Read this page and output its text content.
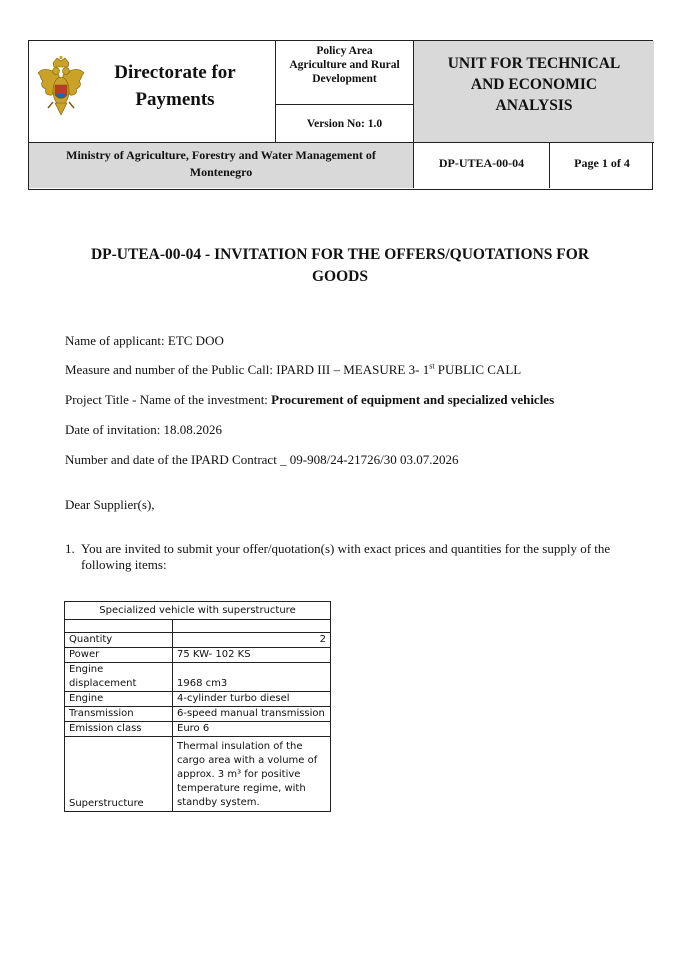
Directorate for
Payments
Policy Area
Agriculture and Rural
Development
Version No: 1.0
UNIT FOR TECHNICAL
AND ECONOMIC
ANALYSIS
Ministry of Agriculture, Forestry and Water Management of
Montenegro
DP-UTEA-00-04	Page 1 of 4
DP-UTEA-00-04 - INVITATION FOR THE OFFERS/QUOTATIONS FOR
GOODS
Name of applicant: ETC DOO
Measure and number of the Public Call: IPARD III – MEASURE 3- 1st PUBLIC CALL
Project Title - Name of the investment: Procurement of equipment and specialized vehicles
Date of invitation: 18.08.2026
Number and date of the IPARD Contract _ 09-908/24-21726/30 03.07.2026
Dear Supplier(s),
1. You are invited to submit your offer/quotation(s) with exact prices and quantities for the supply of the following items:
Specialized vehicle with superstructure	

Quantity	2
Power	75 KW- 102 KS
Engine displacement	1968 cm3
Engine	4-cylinder turbo diesel
Transmission	6-speed manual transmission
Emission class	Euro 6
Superstructure	Thermal insulation of the cargo area with a volume of approx. 3 m³ for positive temperature regime, with standby system.
